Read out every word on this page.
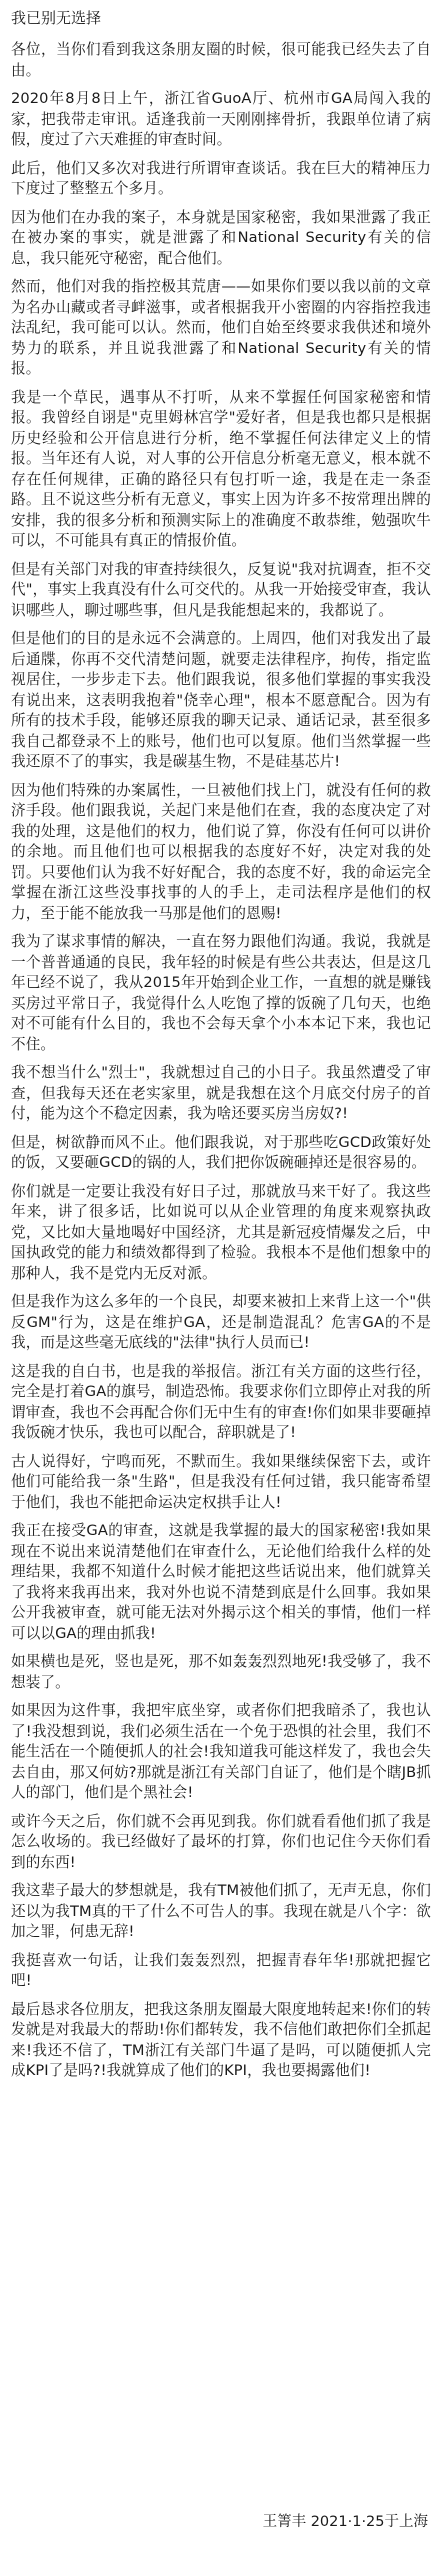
我已别无选择

各位，当你们看到我这条朋友圈的时候，很可能我已经失去了自由。

2020年8月8日上午，浙江省GuoA厅、杭州市GA局闯入我的家，把我带走审讯。适逢我前一天刚刚摔骨折，我跟单位请了病假，度过了六天难捱的审查时间。

此后，他们又多次对我进行所谓审查谈话。我在巨大的精神压力下度过了整整五个多月。

因为他们在办我的案子，本身就是国家秘密，我如果泄露了我正在被办案的事实，就是泄露了和National Security有关的信息，我只能死守秘密，配合他们。

然而，他们对我的指控极其荒唐——如果你们要以我以前的文章为名办山藏或者寻衅滋事，或者根据我开小密圈的内容指控我违法乱纪，我可能可以认。然而，他们自始至终要求我供述和境外势力的联系，并且说我泄露了和National Security有关的情报。

我是一个草民，遇事从不打听，从来不掌握任何国家秘密和情报。我曾经自诩是"克里姆林宫学"爱好者，但是我也都只是根据历史经验和公开信息进行分析，绝不掌握任何法律定义上的情报。当年还有人说，对人事的公开信息分析毫无意义，根本就不存在任何规律，正确的路径只有包打听一途，我是在走一条歪路。且不说这些分析有无意义，事实上因为许多不按常理出牌的安排，我的很多分析和预测实际上的准确度不敢恭维，勉强吹牛可以，不可能具有真正的情报价值。

但是有关部门对我的审查持续很久，反复说"我对抗调查，拒不交代"，事实上我真没有什么可交代的。从我一开始接受审查，我认识哪些人，聊过哪些事，但凡是我能想起来的，我都说了。

但是他们的目的是永远不会满意的。上周四，他们对我发出了最后通牒，你再不交代清楚问题，就要走法律程序，拘传，指定监视居住，一步步走下去。他们跟我说，很多他们掌握的事实我没有说出来，这表明我抱着"侥幸心理"，根本不愿意配合。因为有所有的技术手段，能够还原我的聊天记录、通话记录，甚至很多我自己都登录不上的账号，他们也可以复原。他们当然掌握一些我还原不了的事实，我是碳基生物，不是硅基芯片!

因为他们特殊的办案属性，一旦被他们找上门，就没有任何的救济手段。他们跟我说，关起门来是他们在查，我的态度决定了对我的处理，这是他们的权力，他们说了算，你没有任何可以讲价的余地。而且他们也可以根据我的态度好不好，决定对我的处罚。只要他们认为我不好好配合，我的态度不好，我的命运完全掌握在浙江这些没事找事的人的手上，走司法程序是他们的权力，至于能不能放我一马那是他们的恩赐!

我为了谋求事情的解决，一直在努力跟他们沟通。我说，我就是一个普普通通的良民，我年轻的时候是有些公共表达，但是这几年已经不说了，我从2015年开始到企业工作，一直想的就是赚钱买房过平常日子，我觉得什么人吃饱了撑的饭碗了几句天，也绝对不可能有什么目的，我也不会每天拿个小本本记下来，我也记不住。

我不想当什么"烈士"，我就想过自己的小日子。我虽然遭受了审查，但我每天还在老实家里，就是我想在这个月底交付房子的首付，能为这个不稳定因素，我为啥还要买房当房奴?!

但是，树欲静而风不止。他们跟我说，对于那些吃GCD政策好处的饭，又要砸GCD的锅的人，我们把你饭碗砸掉还是很容易的。

你们就是一定要让我没有好日子过，那就放马来干好了。我这些年来，讲了很多话，比如说可以从企业管理的角度来观察执政党，又比如大量地喝好中国经济，尤其是新冠疫情爆发之后，中国执政党的能力和绩效都得到了检验。我根本不是他们想象中的那种人，我不是党内无反对派。

但是我作为这么多年的一个良民，却要来被扣上来背上这一个"供反GM"行为，这是在维护GA，还是制造混乱？危害GA的不是我，而是这些毫无底线的"法律"执行人员而已!

这是我的自白书，也是我的举报信。浙江有关方面的这些行径，完全是打着GA的旗号，制造恐怖。我要求你们立即停止对我的所谓审查，我也不会再配合你们无中生有的审查!你们如果非要砸掉我饭碗才快乐，我也可以配合，辞职就是了!

古人说得好，宁鸣而死，不默而生。我如果继续保密下去，或许他们可能给我一条"生路"，但是我没有任何过错，我只能寄希望于他们，我也不能把命运决定权拱手让人!

我正在接受GA的审查，这就是我掌握的最大的国家秘密!我如果现在不说出来说清楚他们在审查什么，无论他们给我什么样的处理结果，我都不知道什么时候才能把这些话说出来，他们就算关了我将来我再出来，我对外也说不清楚到底是什么回事。我如果公开我被审查，就可能无法对外揭示这个相关的事情，他们一样可以以GA的理由抓我!

如果横也是死，竖也是死，那不如轰轰烈烈地死!我受够了，我不想装了。

如果因为这件事，我把牢底坐穿，或者你们把我暗杀了，我也认了!我没想到说，我们必须生活在一个免于恐惧的社会里，我们不能生活在一个随便抓人的社会!我知道我可能这样发了，我也会失去自由，那又何妨?那就是浙江有关部门自证了，他们是个瞎JB抓人的部门，他们是个黑社会!

或许今天之后，你们就不会再见到我。你们就看看他们抓了我是怎么收场的。我已经做好了最坏的打算，你们也记住今天你们看到的东西!

我这辈子最大的梦想就是，我有TM被他们抓了，无声无息，你们还以为我TM真的干了什么不可告人的事。我现在就是八个字：欲加之罪，何患无辞!

我挺喜欢一句话，让我们轰轰烈烈，把握青春年华!那就把握它吧!

最后恳求各位朋友，把我这条朋友圈最大限度地转起来!你们的转发就是对我最大的帮助!你们都转发，我不信他们敢把你们全抓起来!我还不信了，TM浙江有关部门牛逼了是吗，可以随便抓人完成KPI了是吗?!我就算成了他们的KPI，我也要揭露他们!

王箐丰 2021·1·25于上海
